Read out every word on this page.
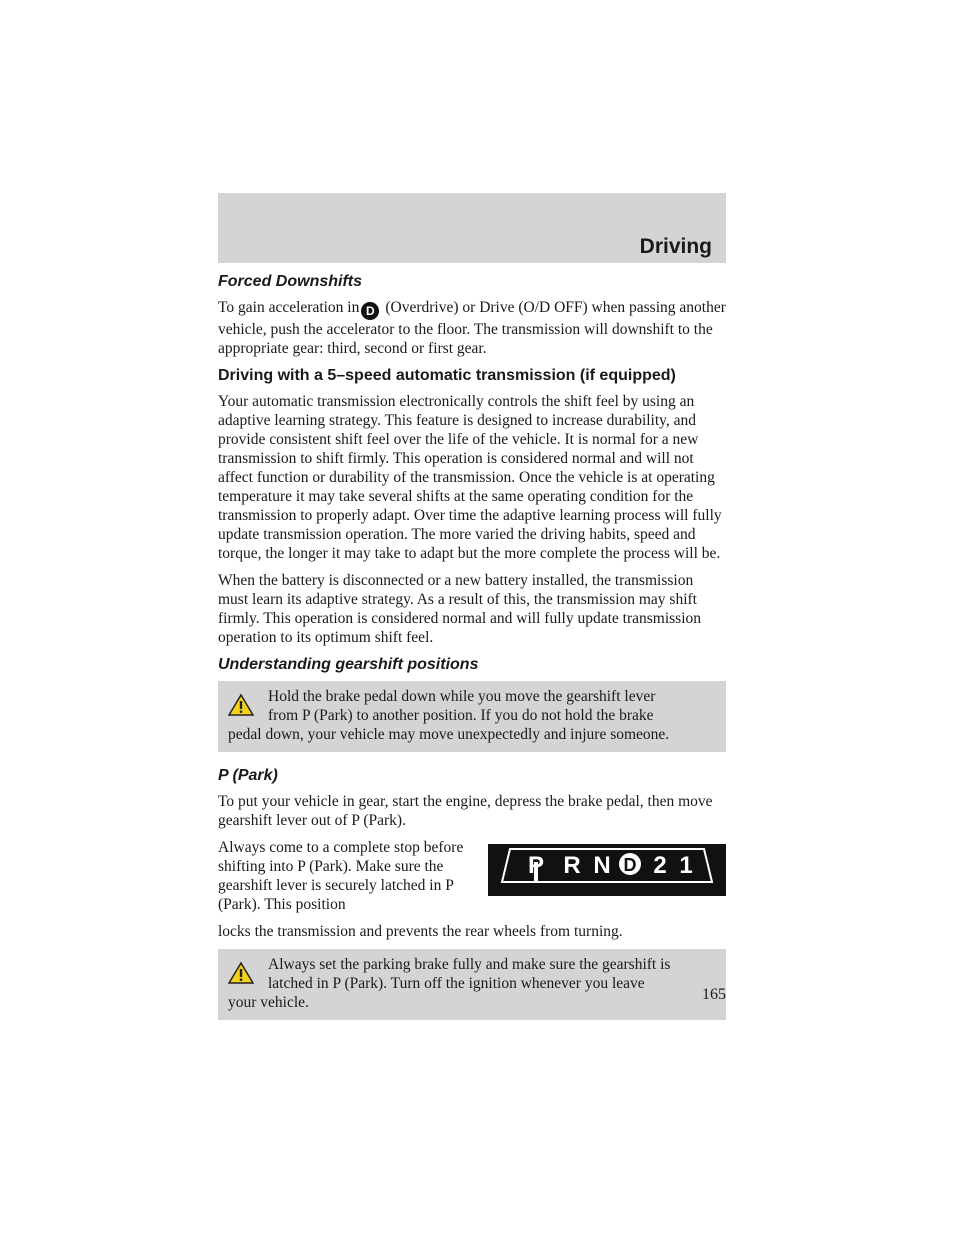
Driving
Forced Downshifts

To gain acceleration in D (Overdrive) or Drive (O/D OFF) when passing another vehicle, push the accelerator to the floor. The transmission will downshift to the appropriate gear: third, second or first gear.

Driving with a 5–speed automatic transmission (if equipped)

Your automatic transmission electronically controls the shift feel by using an adaptive learning strategy. This feature is designed to increase durability, and provide consistent shift feel over the life of the vehicle. It is normal for a new transmission to shift firmly. This operation is considered normal and will not affect function or durability of the transmission. Once the vehicle is at operating temperature it may take several shifts at the same operating condition for the transmission to properly adapt. Over time the adaptive learning process will fully update transmission operation. The more varied the driving habits, speed and torque, the longer it may take to adapt but the more complete the process will be.

When the battery is disconnected or a new battery installed, the transmission must learn its adaptive strategy. As a result of this, the transmission may shift firmly. This operation is considered normal and will fully update transmission operation to its optimum shift feel.

Understanding gearshift positions
Hold the brake pedal down while you move the gearshift lever
from P (Park) to another position. If you do not hold the brake
pedal down, your vehicle may move unexpectedly and injure someone.
P (Park)

To put your vehicle in gear, start the engine, depress the brake pedal, then move gearshift lever out of P (Park).

Always come to a complete stop before shifting into P (Park). Make sure the gearshift lever is securely latched in P (Park). This position

P R N D 2 1

locks the transmission and prevents the rear wheels from turning.

Always set the parking brake fully and make sure the gearshift is
latched in P (Park). Turn off the ignition whenever you leave
your vehicle.	165
